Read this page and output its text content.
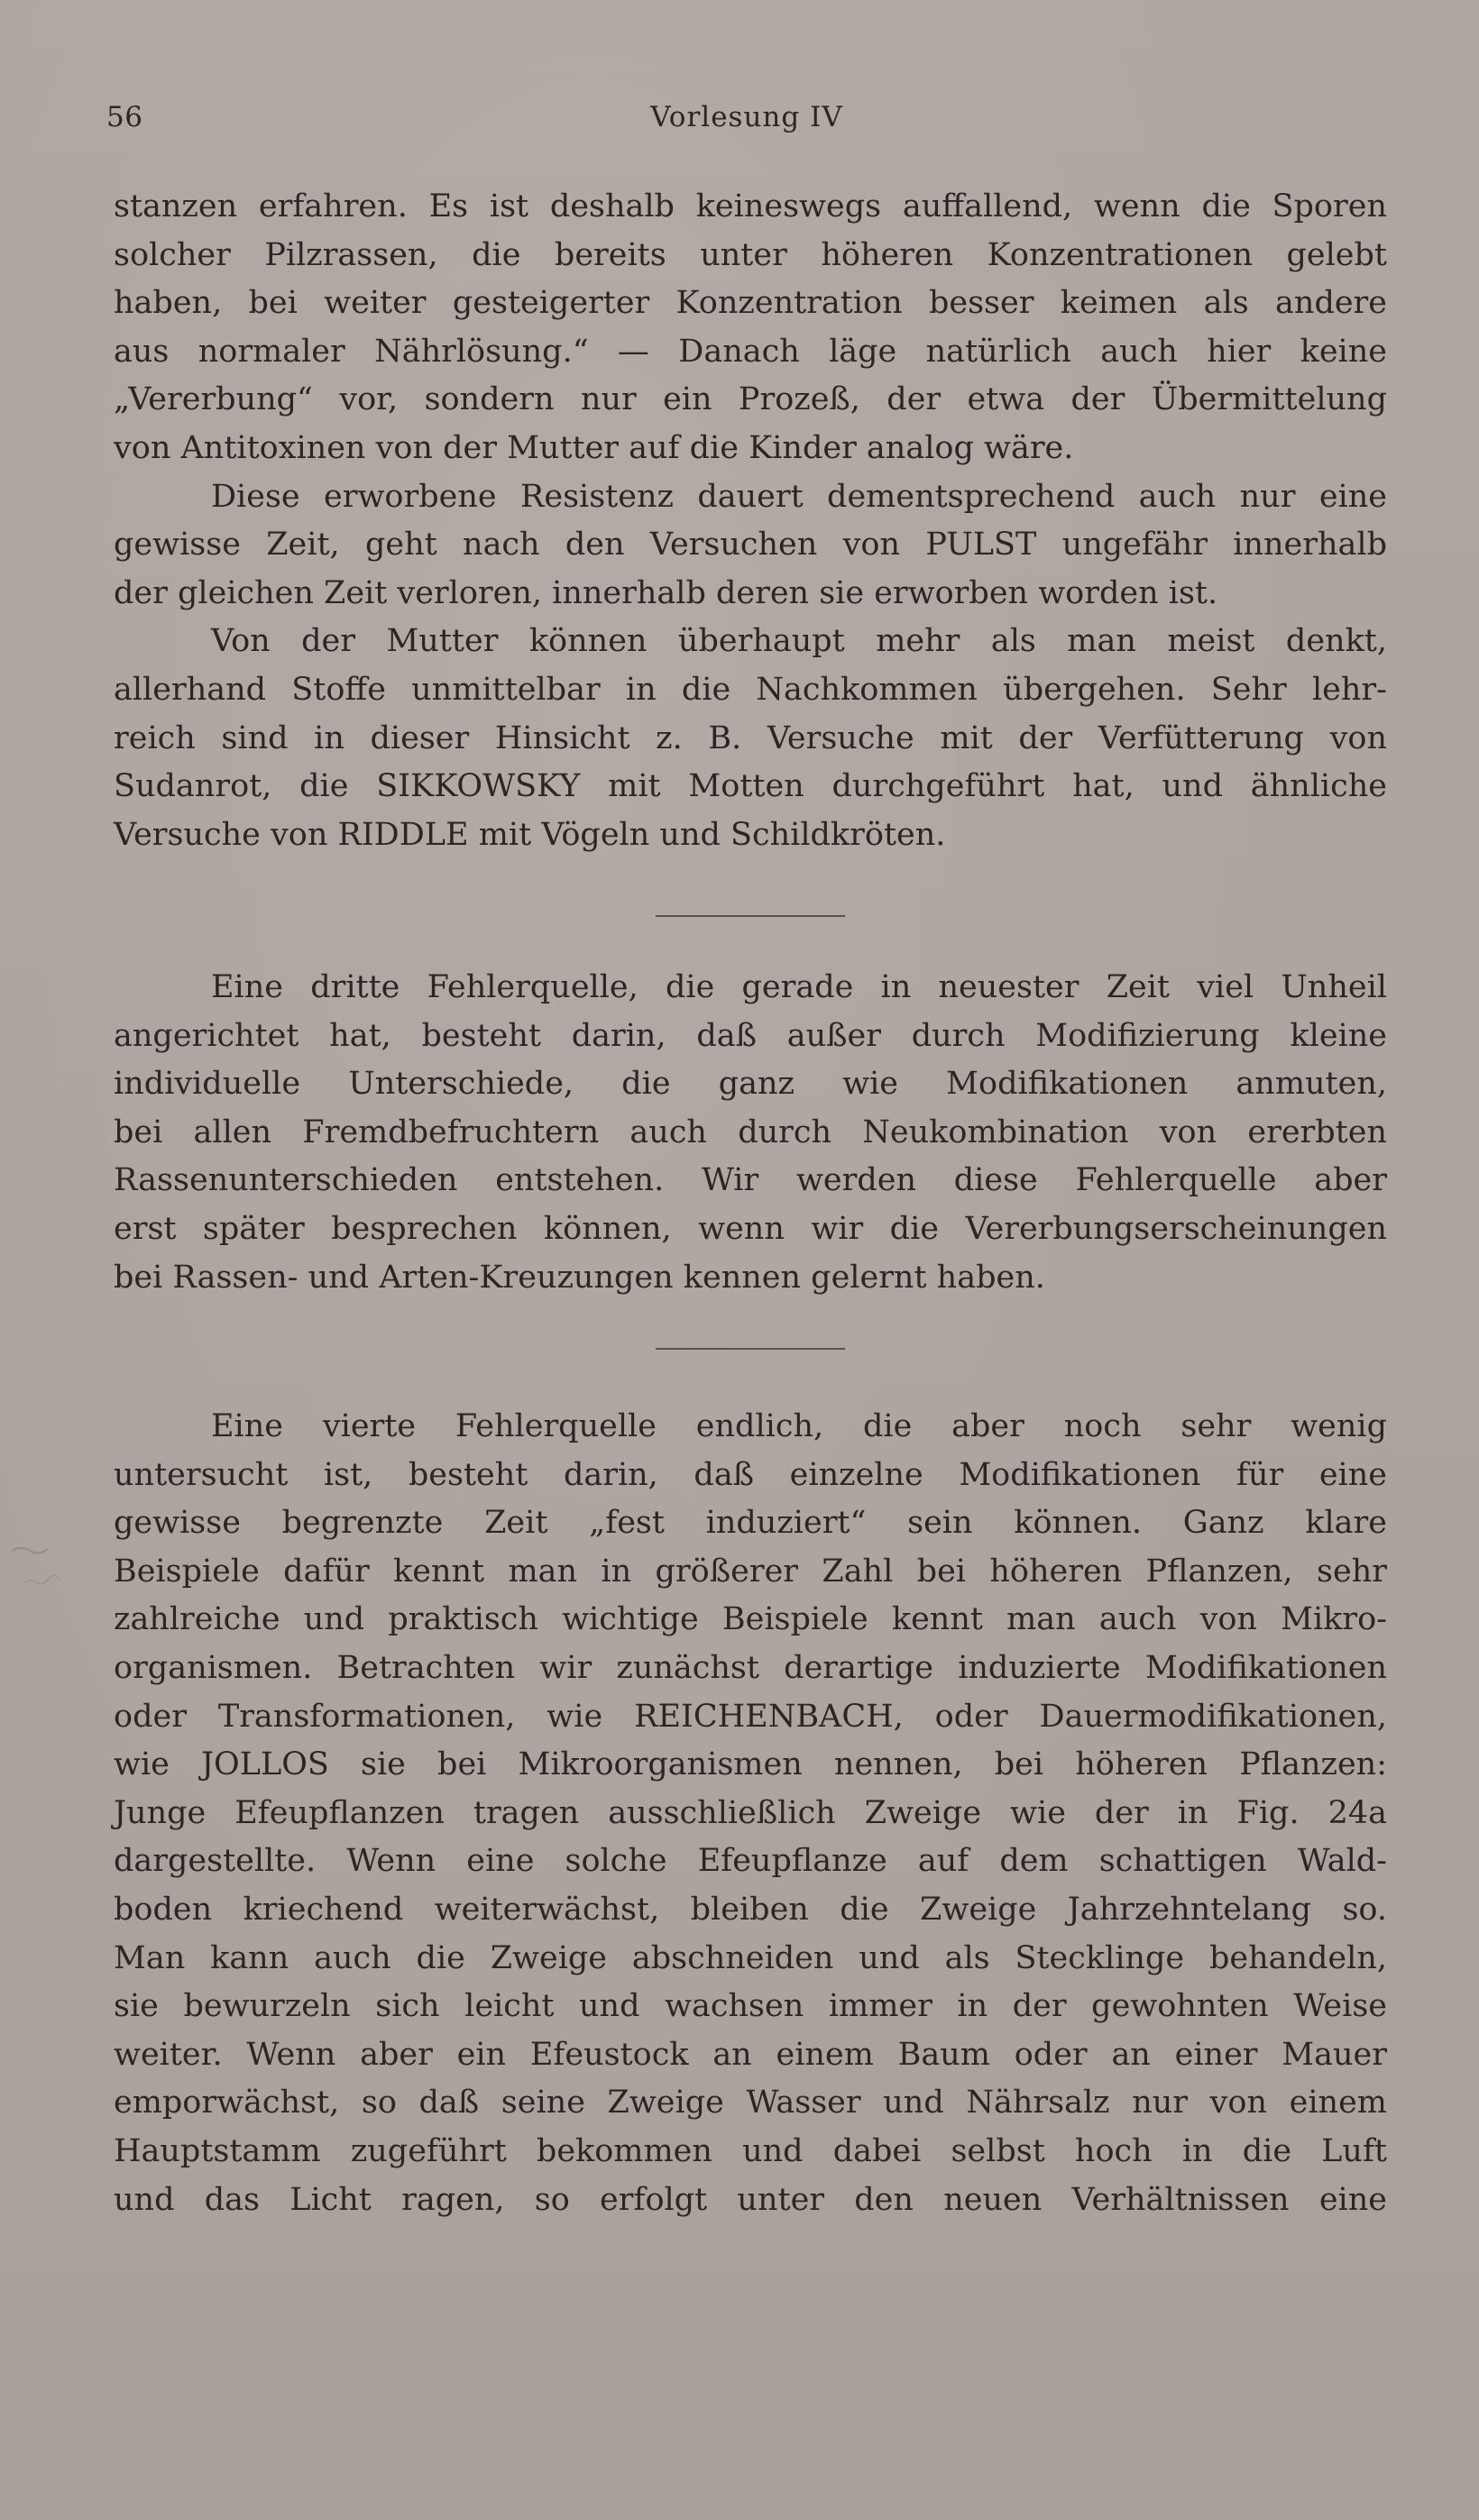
56	Vorlesung IV
stanzen erfahren. Es ist deshalb keineswegs auffallend, wenn die Sporen
solcher Pilzrassen, die bereits unter höheren Konzentrationen gelebt
haben, bei weiter gesteigerter Konzentration besser keimen als andere
aus normaler Nährlösung.“ — Danach läge natürlich auch hier keine
„Vererbung“ vor, sondern nur ein Prozeß, der etwa der Übermittelung
von Antitoxinen von der Mutter auf die Kinder analog wäre.
Diese erworbene Resistenz dauert dementsprechend auch nur eine
gewisse Zeit, geht nach den Versuchen von PULST ungefähr innerhalb
der gleichen Zeit verloren, innerhalb deren sie erworben worden ist.
Von der Mutter können überhaupt mehr als man meist denkt,
allerhand Stoffe unmittelbar in die Nachkommen übergehen. Sehr lehr-
reich sind in dieser Hinsicht z. B. Versuche mit der Verfütterung von
Sudanrot, die SIKKOWSKY mit Motten durchgeführt hat, und ähnliche
Versuche von RIDDLE mit Vögeln und Schildkröten.
Eine dritte Fehlerquelle, die gerade in neuester Zeit viel Unheil
angerichtet hat, besteht darin, daß außer durch Modifizierung kleine
individuelle Unterschiede, die ganz wie Modifikationen anmuten,
bei allen Fremdbefruchtern auch durch Neukombination von ererbten
Rassenunterschieden entstehen. Wir werden diese Fehlerquelle aber
erst später besprechen können, wenn wir die Vererbungserscheinungen
bei Rassen- und Arten-Kreuzungen kennen gelernt haben.
Eine vierte Fehlerquelle endlich, die aber noch sehr wenig
untersucht ist, besteht darin, daß einzelne Modifikationen für eine
gewisse begrenzte Zeit „fest induziert“ sein können. Ganz klare
Beispiele dafür kennt man in größerer Zahl bei höheren Pflanzen, sehr
zahlreiche und praktisch wichtige Beispiele kennt man auch von Mikro-
organismen. Betrachten wir zunächst derartige induzierte Modifikationen
oder Transformationen, wie REICHENBACH, oder Dauermodifikationen,
wie JOLLOS sie bei Mikroorganismen nennen, bei höheren Pflanzen:
Junge Efeupflanzen tragen ausschließlich Zweige wie der in Fig. 24a
dargestellte. Wenn eine solche Efeupflanze auf dem schattigen Wald-
boden kriechend weiterwächst, bleiben die Zweige Jahrzehntelang so.
Man kann auch die Zweige abschneiden und als Stecklinge behandeln,
sie bewurzeln sich leicht und wachsen immer in der gewohnten Weise
weiter. Wenn aber ein Efeustock an einem Baum oder an einer Mauer
emporwächst, so daß seine Zweige Wasser und Nährsalz nur von einem
Hauptstamm zugeführt bekommen und dabei selbst hoch in die Luft
und das Licht ragen, so erfolgt unter den neuen Verhältnissen eine
